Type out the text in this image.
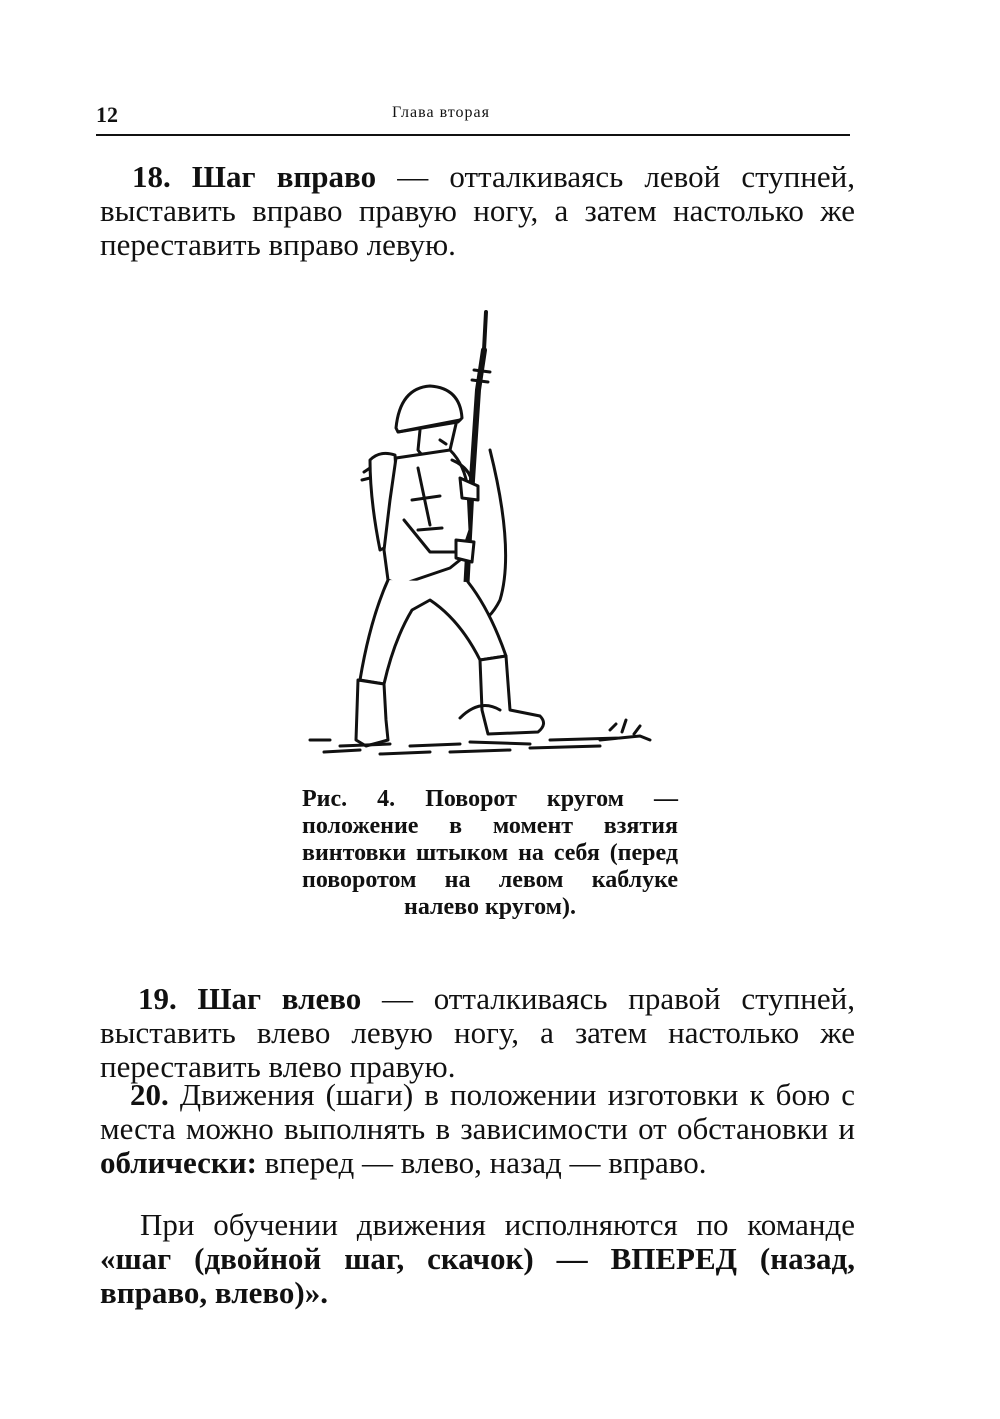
12	Глава вторая

18. Шаг вправо — отталкиваясь левой ступней, выставить вправо правую ногу, а затем настолько же переставить вправо левую.

Рис. 4. Поворот кругом — положение в момент взятия винтовки штыком на себя (перед поворотом на левом каблуке налево кругом).

19. Шаг влево — отталкиваясь правой ступней, выставить влево левую ногу, а затем настолько же переставить влево правую.

20. Движения (шаги) в положении изготовки к бою с места можно выполнять в зависимости от обстановки и облически: вперед — влево, назад — вправо.

При обучении движения исполняются по команде «шаг (двойной шаг, скачок) — ВПЕРЕД (назад, вправо, влево)».
